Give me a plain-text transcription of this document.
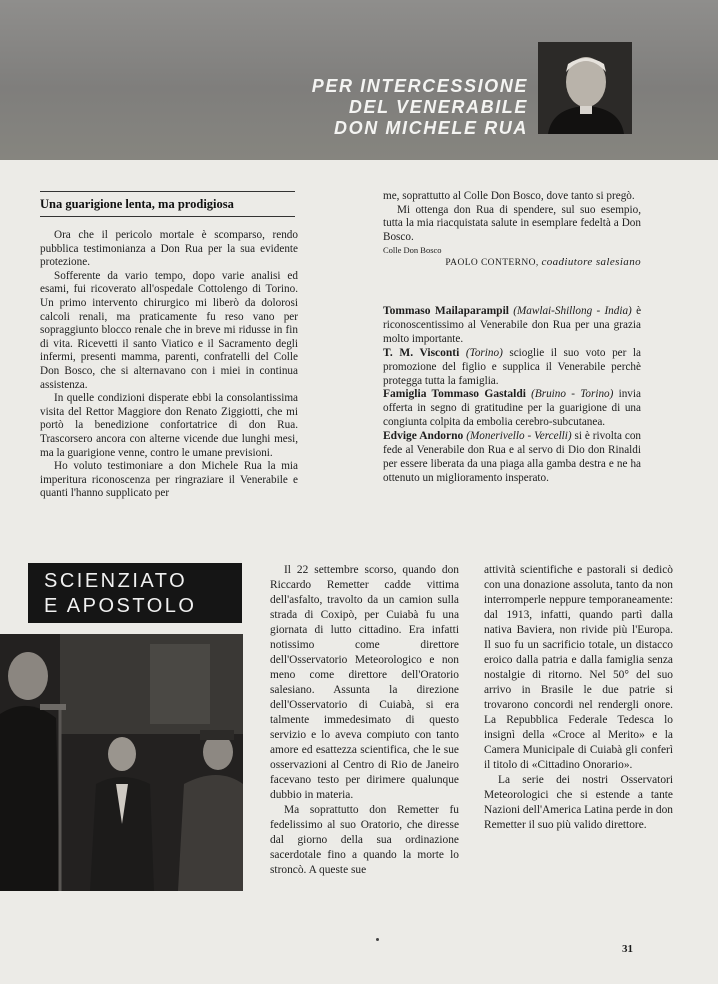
PER INTERCESSIONE
DEL VENERABILE
DON MICHELE RUA
Una guarigione lenta, ma prodigiosa

Ora che il pericolo mortale è scomparso, rendo pubblica testimonianza a Don Rua per la sua evidente protezione.

Sofferente da vario tempo, dopo varie analisi ed esami, fui ricoverato all'ospedale Cottolengo di Torino. Un primo intervento chirurgico mi liberò da dolorosi calcoli renali, ma praticamente fu reso vano per sopraggiunto blocco renale che in breve mi ridusse in fin di vita. Ricevetti il santo Viatico e il Sacramento degli infermi, presenti mamma, parenti, confratelli del Colle Don Bosco, che si alternavano con i miei in continua assistenza.

In quelle condizioni disperate ebbi la consolantissima visita del Rettor Maggiore don Renato Ziggiotti, che mi portò la benedizione confortatrice di don Rua. Trascorsero ancora con alterne vicende due lunghi mesi, ma la guarigione venne, contro le umane previsioni.

Ho voluto testimoniare a don Michele Rua la mia imperitura riconoscenza per ringraziare il Venerabile e quanti l'hanno supplicato per

me, soprattutto al Colle Don Bosco, dove tanto si pregò.

Mi ottenga don Rua di spendere, sul suo esempio, tutta la mia riacquistata salute in esemplare fedeltà a Don Bosco.

Colle Don Bosco
PAOLO CONTERNO, coadiutore salesiano

Tommaso Mailaparampil (Mawlai-Shillong - India) è riconoscentissimo al Venerabile don Rua per una grazia molto importante.

T. M. Visconti (Torino) scioglie il suo voto per la promozione del figlio e supplica il Venerabile perchè protegga tutta la famiglia.

Famiglia Tommaso Gastaldi (Bruino - Torino) invia offerta in segno di gratitudine per la guarigione di una congiunta colpita da embolia cerebro-subcutanea.

Edvige Andorno (Monerivello - Vercelli) si è rivolta con fede al Venerabile don Rua e al servo di Dio don Rinaldi per essere liberata da una piaga alla gamba destra e ne ha ottenuto un miglioramento insperato.

SCIENZIATO
E APOSTOLO

Il 22 settembre scorso, quando don Riccardo Remetter cadde vittima dell'asfalto, travolto da un camion sulla strada di Coxipò, per Cuiabà fu una giornata di lutto cittadino. Era infatti notissimo come direttore dell'Osservatorio Meteorologico e non meno come direttore dell'Oratorio salesiano. Assunta la direzione dell'Osservatorio di Cuiabà, si era talmente immedesimato di questo servizio e lo aveva compiuto con tanto amore ed esattezza scientifica, che le sue osservazioni al Centro di Rio de Janeiro facevano testo per dirimere qualunque dubbio in materia.

Ma soprattutto don Remetter fu fedelissimo al suo Oratorio, che diresse dal giorno della sua ordinazione sacerdotale fino a quando la morte lo stroncò. A queste sue

attività scientifiche e pastorali si dedicò con una donazione assoluta, tanto da non interromperle neppure temporaneamente: dal 1913, infatti, quando partì dalla nativa Baviera, non rivide più l'Europa. Il suo fu un sacrificio totale, un distacco eroico dalla patria e dalla famiglia senza nostalgie di ritorno. Nel 50° del suo arrivo in Brasile le due patrie si trovarono concordi nel rendergli onore. La Repubblica Federale Tedesca lo insignì della «Croce al Merito» e la Camera Municipale di Cuiabà gli conferì il titolo di «Cittadino Onorario».

La serie dei nostri Osservatori Meteorologici che si estende a tante Nazioni dell'America Latina perde in don Remetter il suo più valido direttore.

31
